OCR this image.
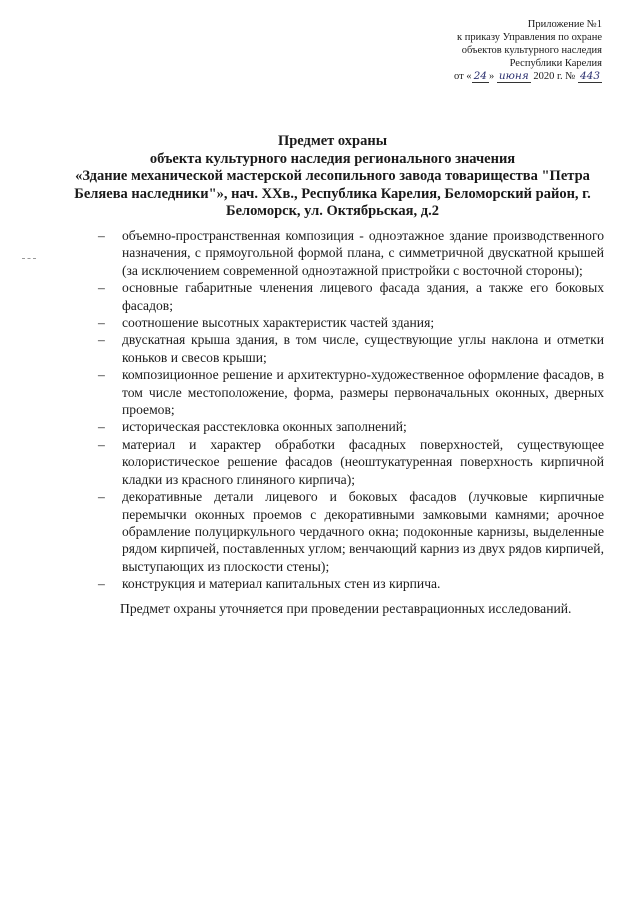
Приложение №1
к приказу Управления по охране
объектов культурного наследия
Республики Карелия
от « 24 » июня 2020 г. № 443
Предмет охраны
объекта культурного наследия регионального значения
«Здание механической мастерской лесопильного завода товарищества "Петра
Беляева наследники"», нач. XXв., Республика Карелия, Беломорский район, г.
Беломорск, ул. Октябрьская, д.2
– объемно-пространственная композиция - одноэтажное здание производственного назначения, с прямоугольной формой плана, с симметричной двускатной крышей (за исключением современной одноэтажной пристройки с восточной стороны);
– основные габаритные членения лицевого фасада здания, а также его боковых фасадов;
– соотношение высотных характеристик частей здания;
– двускатная крыша здания, в том числе, существующие углы наклона и отметки коньков и свесов крыши;
– композиционное решение и архитектурно-художественное оформление фасадов, в том числе местоположение, форма, размеры первоначальных оконных, дверных проемов;
– историческая расстекловка оконных заполнений;
– материал и характер обработки фасадных поверхностей, существующее колористическое решение фасадов (неоштукатуренная поверхность кирпичной кладки из красного глиняного кирпича);
– декоративные детали лицевого и боковых фасадов (лучковые кирпичные перемычки оконных проемов с декоративными замковыми камнями; арочное обрамление полуциркульного чердачного окна; подоконные карнизы, выделенные рядом кирпичей, поставленных углом; венчающий карниз из двух рядов кирпичей, выступающих из плоскости стены);
– конструкция и материал капитальных стен из кирпича.
Предмет охраны уточняется при проведении реставрационных исследований.
